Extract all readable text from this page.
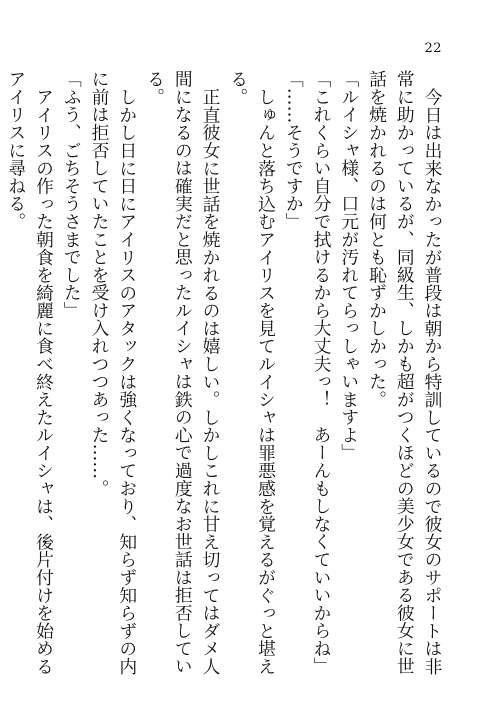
22

今日は出来なかったが普段は朝から特訓しているので彼女のサポートは非常に助かっているが、同級生、しかも超がつくほどの美少女である彼女に世話を焼かれるのは何とも恥ずかしかった。

「ルイシャ様、口元が汚れてらっしゃいますよ」

「これくらい自分で拭けるから大丈夫っ！　あーんもしなくていいからね」

「……そうですか」

しゅんと落ち込むアイリスを見てルイシャは罪悪感を覚えるがぐっと堪える。

正直彼女に世話を焼かれるのは嬉しい。しかしこれに甘え切ってはダメ人間になるのは確実だと思ったルイシャは鉄の心で過度なお世話は拒否している。

しかし日に日にアイリスのアタックは強くなっており、知らず知らずの内に前は拒否していたことを受け入れつつあった……。

「ふう、ごちそうさまでした」

アイリスの作った朝食を綺麗に食べ終えたルイシャは、後片付けを始めるアイリスに尋ねる。
